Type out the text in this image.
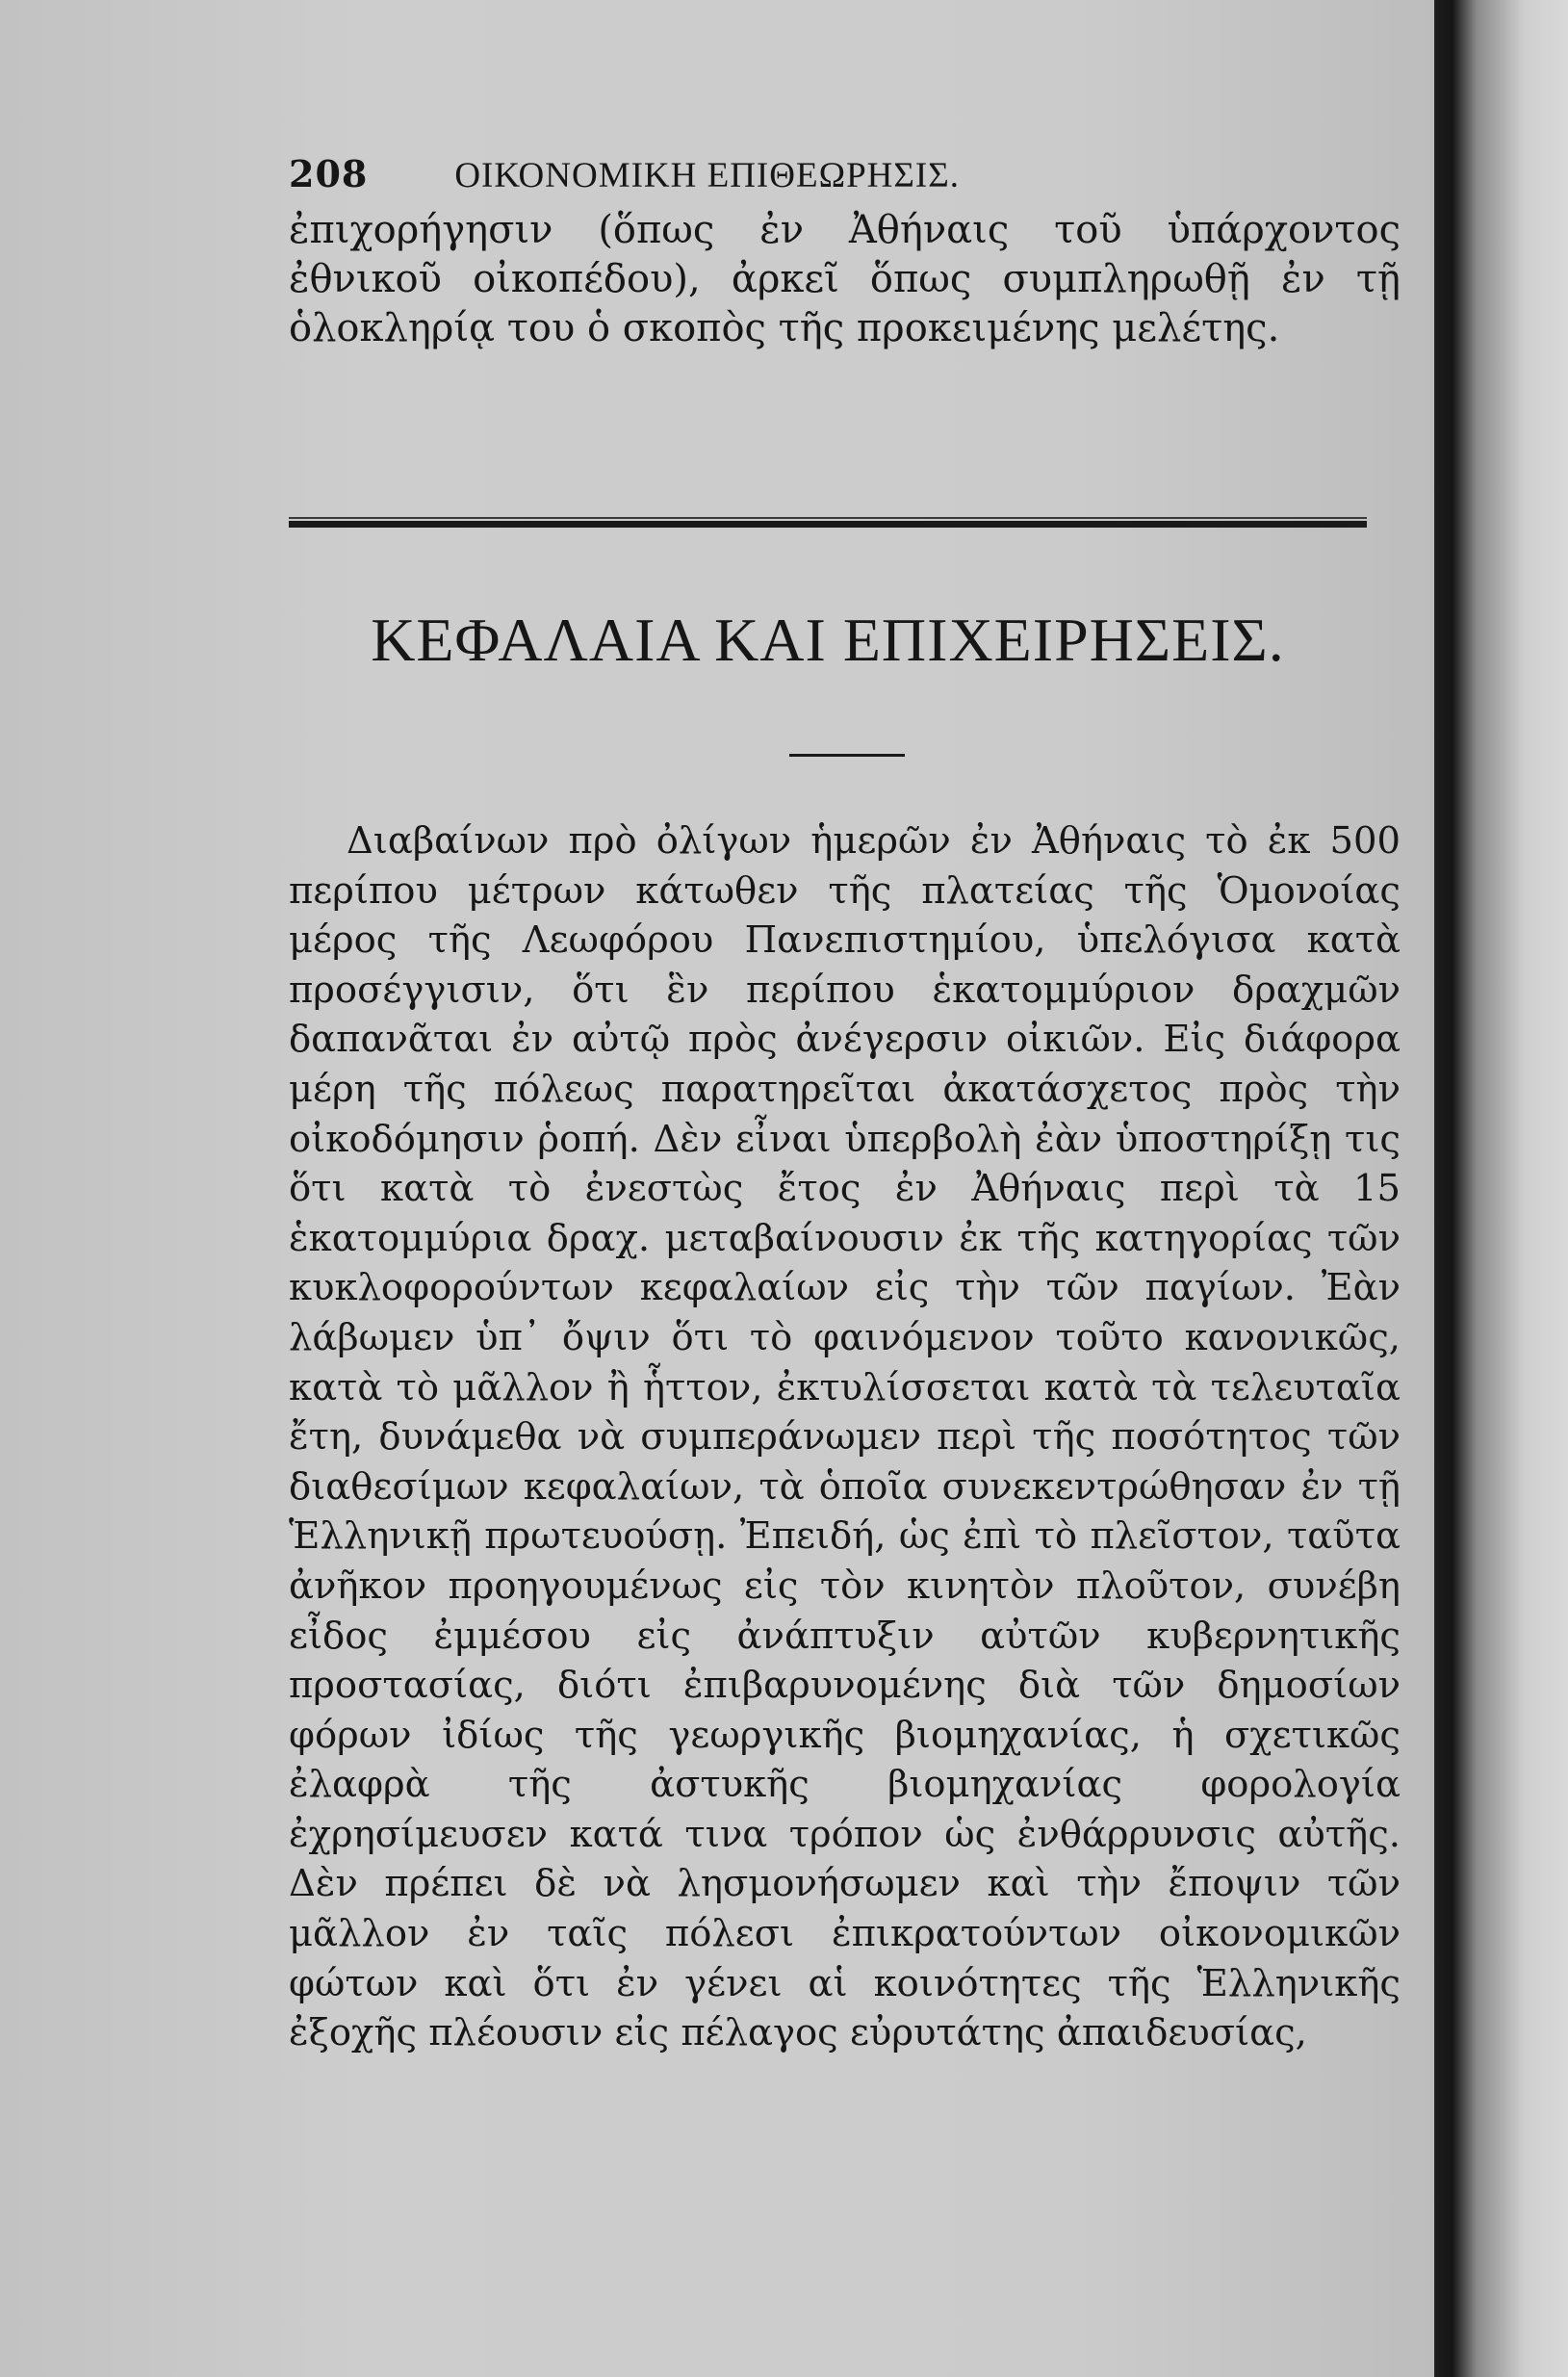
208 ΟΙΚΟΝΟΜΙΚΗ ΕΠΙΘΕΩΡΗΣΙΣ.

ἐπιχορήγησιν (ὅπως ἐν Ἀθήναις τοῦ ὑπάρχοντος ἐθνικοῦ οἰκοπέδου), ἀρκεῖ ὅπως συμπληρωθῇ ἐν τῇ ὁλοκληρίᾳ του ὁ σκοπὸς τῆς προκειμένης μελέτης.

ΚΕΦΑΛΑΙΑ ΚΑΙ ΕΠΙΧΕΙΡΗΣΕΙΣ.

Διαβαίνων πρὸ ὀλίγων ἡμερῶν ἐν Ἀθήναις τὸ ἐκ 500 περίπου μέτρων κάτωθεν τῆς πλατείας τῆς Ὁμονοίας μέρος τῆς Λεωφόρου Πανεπιστημίου, ὑπελόγισα κατὰ προσέγγισιν, ὅτι ἓν περίπου ἑκατομμύριον δραχμῶν δαπανᾶται ἐν αὐτῷ πρὸς ἀνέγερσιν οἰκιῶν. Εἰς διάφορα μέρη τῆς πόλεως παρατηρεῖται ἀκατάσχετος πρὸς τὴν οἰκοδόμησιν ῥοπή. Δὲν εἶναι ὑπερβολὴ ἐὰν ὑποστηρίξῃ τις ὅτι κατὰ τὸ ἐνεστὼς ἔτος ἐν Ἀθήναις περὶ τὰ 15 ἑκατομμύρια δραχ. μεταβαίνουσιν ἐκ τῆς κατηγορίας τῶν κυκλοφορούντων κεφαλαίων εἰς τὴν τῶν παγίων. Ἐὰν λάβωμεν ὑπ᾽ ὄψιν ὅτι τὸ φαινόμενον τοῦτο κανονικῶς, κατὰ τὸ μᾶλλον ἢ ἧττον, ἐκτυλίσσεται κατὰ τὰ τελευταῖα ἔτη, δυνάμεθα νὰ συμπεράνωμεν περὶ τῆς ποσότητος τῶν διαθεσίμων κεφαλαίων, τὰ ὁποῖα συνεκεντρώθησαν ἐν τῇ Ἑλληνικῇ πρωτευούσῃ. Ἐπειδή, ὡς ἐπὶ τὸ πλεῖστον, ταῦτα ἀνῆκον προηγουμένως εἰς τὸν κινητὸν πλοῦτον, συνέβη εἶδος ἐμμέσου εἰς ἀνάπτυξιν αὐτῶν κυβερνητικῆς προστασίας, διότι ἐπιβαρυνομένης διὰ τῶν δημοσίων φόρων ἰδίως τῆς γεωργικῆς βιομηχανίας, ἡ σχετικῶς ἐλαφρὰ τῆς ἀστυκῆς βιομηχανίας φορολογία ἐχρησίμευσεν κατά τινα τρόπον ὡς ἐνθάρρυνσις αὐτῆς. Δὲν πρέπει δὲ νὰ λησμονήσωμεν καὶ τὴν ἔποψιν τῶν μᾶλλον ἐν ταῖς πόλεσι ἐπικρατούντων οἰκονομικῶν φώτων καὶ ὅτι ἐν γένει αἱ κοινότητες τῆς Ἑλληνικῆς ἐξοχῆς πλέουσιν εἰς πέλαγος εὐρυτάτης ἀπαιδευσίας,
